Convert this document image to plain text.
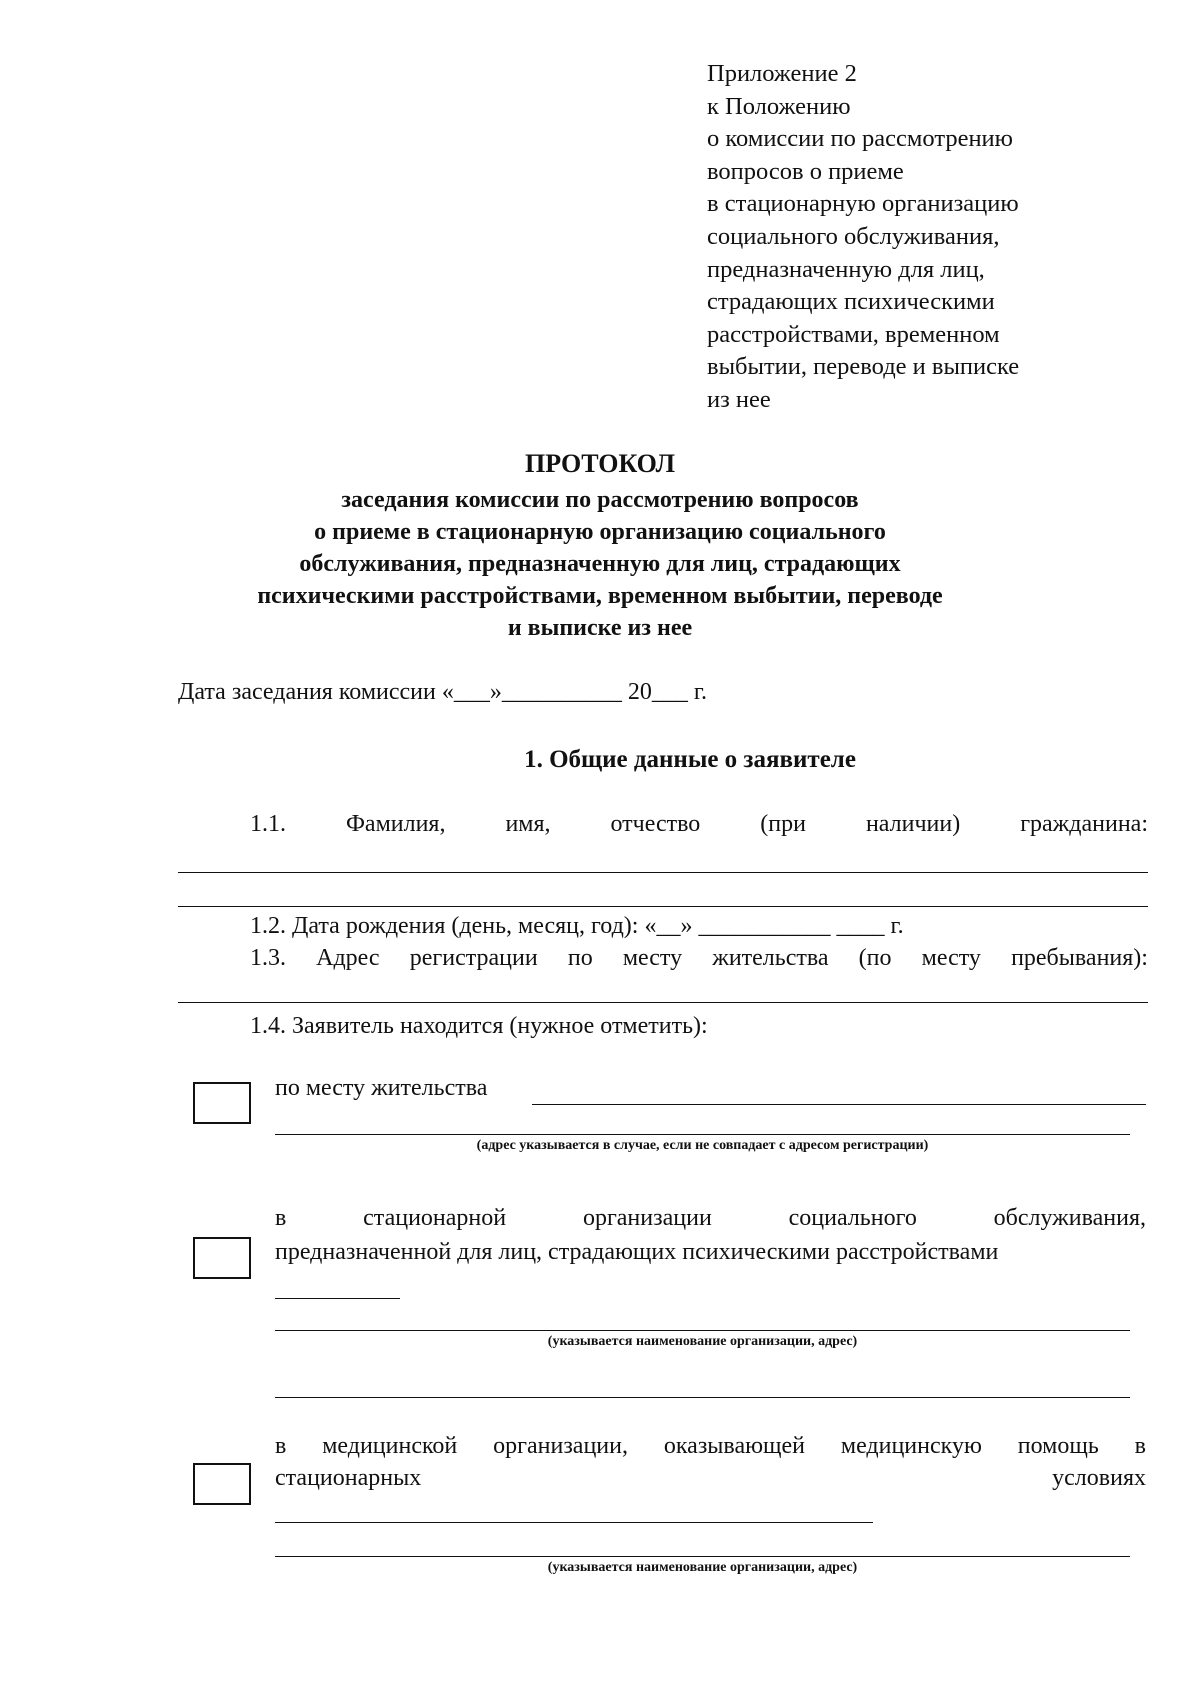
Приложение 2
к Положению
о комиссии по рассмотрению
вопросов о приеме
в стационарную организацию
социального обслуживания,
предназначенную для лиц,
страдающих психическими
расстройствами, временном
выбытии, переводе и выписке
из нее
ПРОТОКОЛ
заседания комиссии по рассмотрению вопросов
о приеме в стационарную организацию социального
обслуживания, предназначенную для лиц, страдающих
психическими расстройствами, временном выбытии, переводе
и выписке из нее
Дата заседания комиссии «___»__________ 20___ г.
1. Общие данные о заявителе
1.1. Фамилия, имя, отчество (при наличии) гражданина:
1.2. Дата рождения (день, месяц, год): «__» ___________ ____ г.
1.3. Адрес регистрации по месту жительства (по месту пребывания):
1.4. Заявитель находится (нужное отметить):
по месту жительства
(адрес указывается в случае, если не совпадает с адресом регистрации)
в	стационарной	организации	социального	обслуживания,
предназначенной для лиц, страдающих психическими расстройствами
(указывается наименование организации, адрес)
в медицинской организации, оказывающей медицинскую помощь в
стационарных	условиях
(указывается наименование организации, адрес)
